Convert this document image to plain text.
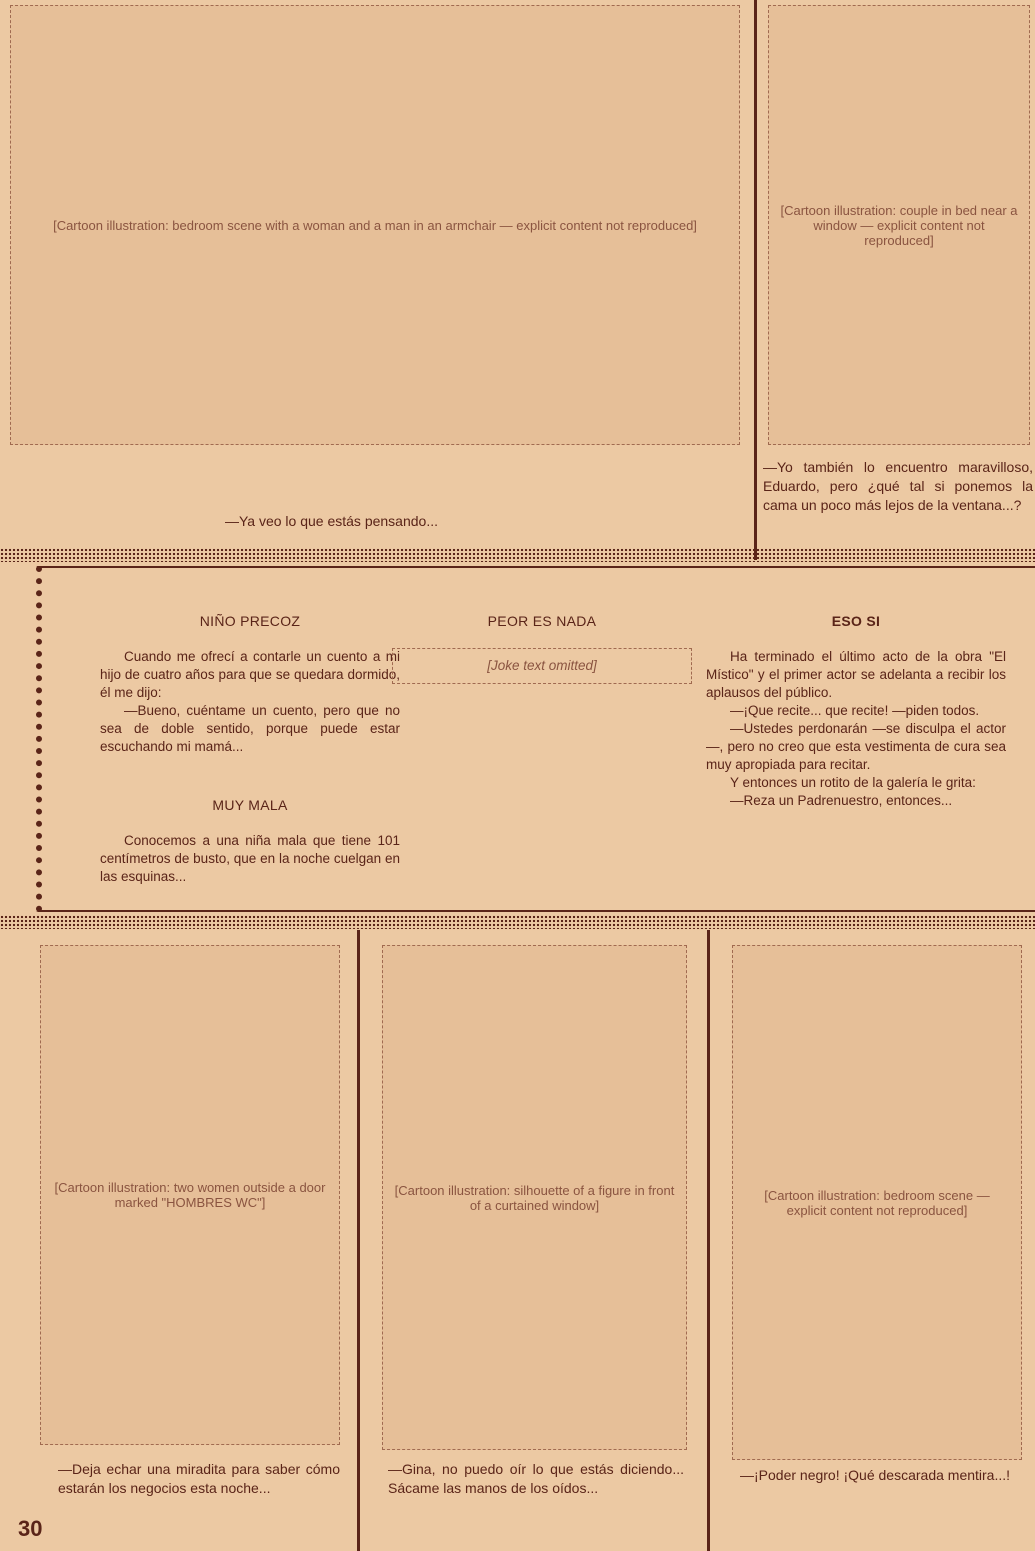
[Cartoon illustration: bedroom scene with a woman and a man in an armchair — explicit content not reproduced]
—Ya veo lo que estás pensando...
[Cartoon illustration: couple in bed near a window — explicit content not reproduced]
—Yo también lo encuentro maravilloso, Eduardo, pero ¿qué tal si ponemos la cama un poco más lejos de la ventana...?
NIÑO PRECOZ

Cuando me ofrecí a contarle un cuento a mi hijo de cuatro años para que se quedara dormido, él me dijo:

—Bueno, cuéntame un cuento, pero que no sea de doble sentido, porque puede estar escuchando mi mamá...

MUY MALA

Conocemos a una niña mala que tiene 101 centímetros de busto, que en la noche cuelgan en las esquinas...

PEOR ES NADA

[Joke text omitted]

ESO SI

Ha terminado el último acto de la obra "El Místico" y el primer actor se adelanta a recibir los aplausos del público.

—¡Que recite... que recite! —piden todos.

—Ustedes perdonarán —se disculpa el actor—, pero no creo que esta vestimenta de cura sea muy apropiada para recitar.

Y entonces un rotito de la galería le grita:

—Reza un Padrenuestro, entonces...

[Cartoon illustration: two women outside a door marked "HOMBRES WC"]
—Deja echar una miradita para saber cómo estarán los negocios esta noche...
[Cartoon illustration: silhouette of a figure in front of a curtained window]
—Gina, no puedo oír lo que estás diciendo... Sácame las manos de los oídos...
[Cartoon illustration: bedroom scene — explicit content not reproduced]
—¡Poder negro! ¡Qué descarada mentira...!
30
